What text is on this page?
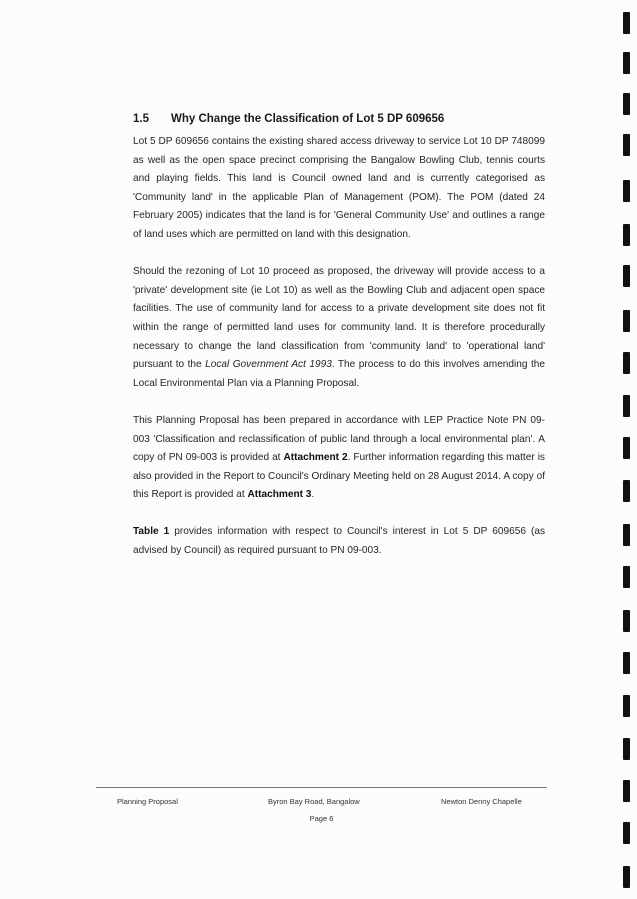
1.5 Why Change the Classification of Lot 5 DP 609656

Lot 5 DP 609656 contains the existing shared access driveway to service Lot 10 DP 748099 as well as the open space precinct comprising the Bangalow Bowling Club, tennis courts and playing fields. This land is Council owned land and is currently categorised as 'Community land' in the applicable Plan of Management (POM). The POM (dated 24 February 2005) indicates that the land is for 'General Community Use' and outlines a range of land uses which are permitted on land with this designation.

Should the rezoning of Lot 10 proceed as proposed, the driveway will provide access to a 'private' development site (ie Lot 10) as well as the Bowling Club and adjacent open space facilities. The use of community land for access to a private development site does not fit within the range of permitted land uses for community land. It is therefore procedurally necessary to change the land classification from 'community land' to 'operational land' pursuant to the Local Government Act 1993. The process to do this involves amending the Local Environmental Plan via a Planning Proposal.

This Planning Proposal has been prepared in accordance with LEP Practice Note PN 09-003 'Classification and reclassification of public land through a local environmental plan'. A copy of PN 09-003 is provided at Attachment 2. Further information regarding this matter is also provided in the Report to Council's Ordinary Meeting held on 28 August 2014. A copy of this Report is provided at Attachment 3.

Table 1 provides information with respect to Council's interest in Lot 5 DP 609656 (as advised by Council) as required pursuant to PN 09-003.

Planning Proposal	Byron Bay Road, Bangalow	Newton Denny Chapelle
Page 6
